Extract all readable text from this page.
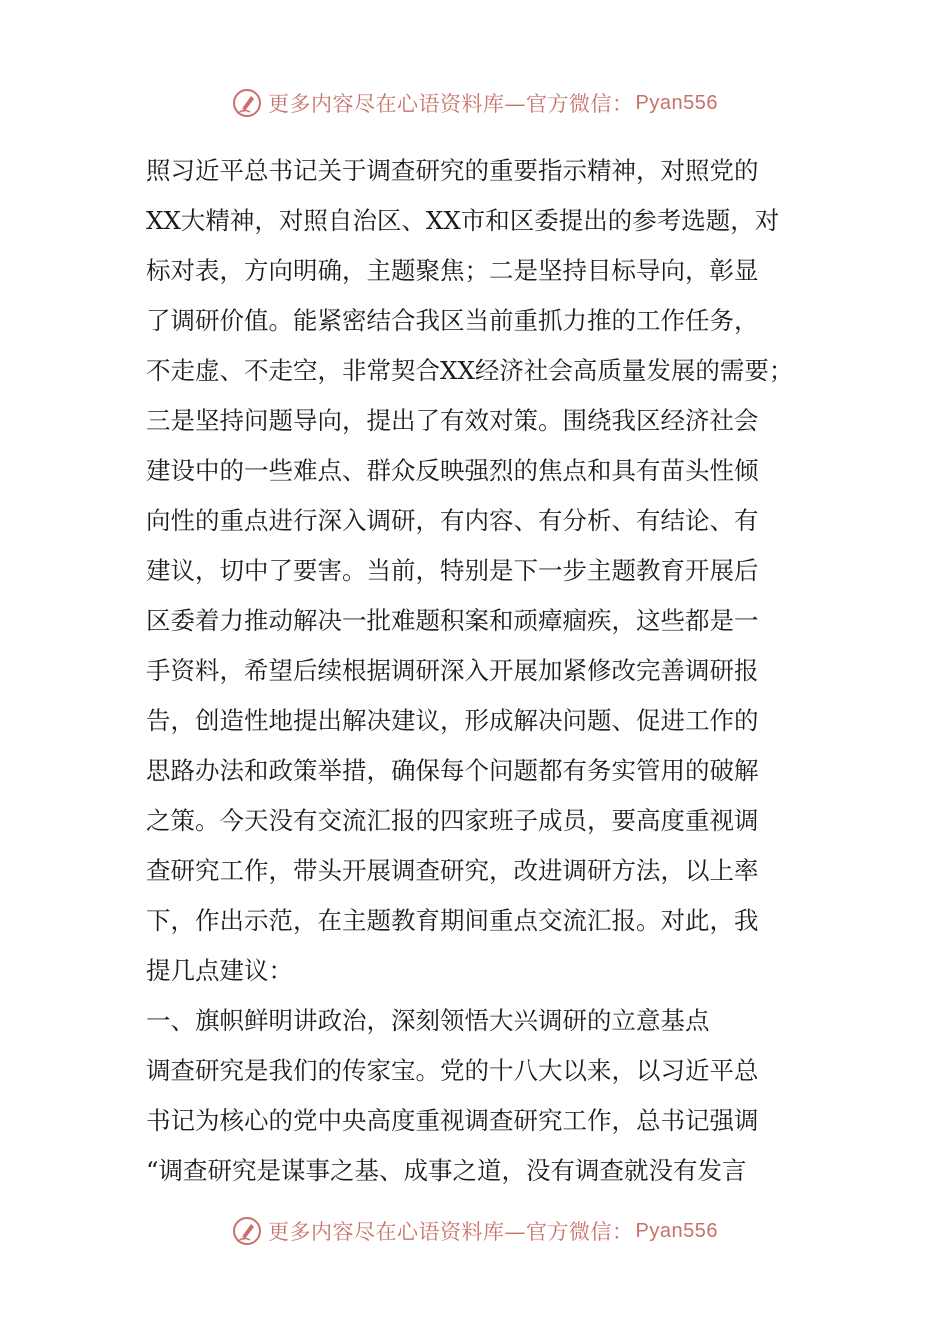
更多内容尽在心语资料库—官方微信： Pyan556
照习近平总书记关于调查研究的重要指示精神，对照党的
XX大精神，对照自治区、XX市和区委提出的参考选题，对
标对表，方向明确，主题聚焦；二是坚持目标导向，彰显
了调研价值。能紧密结合我区当前重抓力推的工作任务，
不走虚、不走空，非常契合XX经济社会高质量发展的需要；
三是坚持问题导向，提出了有效对策。围绕我区经济社会
建设中的一些难点、群众反映强烈的焦点和具有苗头性倾
向性的重点进行深入调研，有内容、有分析、有结论、有
建议，切中了要害。当前，特别是下一步主题教育开展后
区委着力推动解决一批难题积案和顽瘴痼疾，这些都是一
手资料，希望后续根据调研深入开展加紧修改完善调研报
告，创造性地提出解决建议，形成解决问题、促进工作的
思路办法和政策举措，确保每个问题都有务实管用的破解
之策。今天没有交流汇报的四家班子成员，要高度重视调
查研究工作，带头开展调查研究，改进调研方法，以上率
下，作出示范，在主题教育期间重点交流汇报。对此，我
提几点建议：
一、旗帜鲜明讲政治，深刻领悟大兴调研的立意基点
调查研究是我们的传家宝。党的十八大以来，以习近平总
书记为核心的党中央高度重视调查研究工作，总书记强调
“调查研究是谋事之基、成事之道，没有调查就没有发言
更多内容尽在心语资料库—官方微信： Pyan556
